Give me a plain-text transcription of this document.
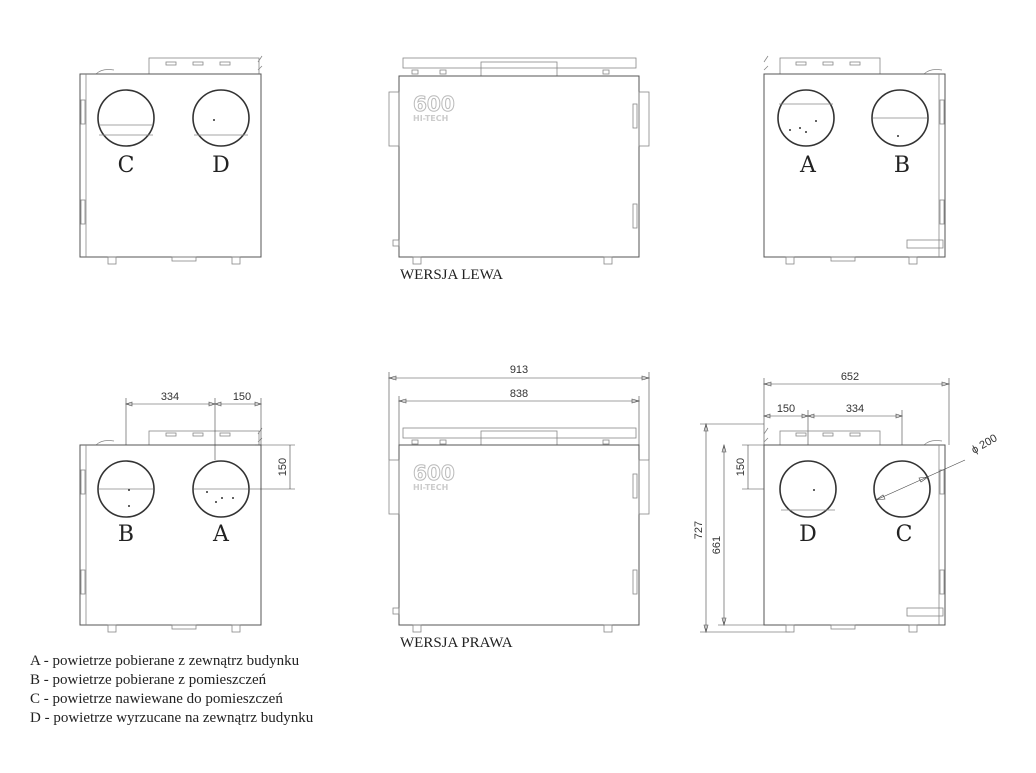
C	D
600
HI-TECH
WERSJA LEWA
A	B
334	150
150
B	A
913
838
600
HI-TECH
WERSJA PRAWA
652
150	334
150
727
661
ϕ 200
D	C
A - powietrze pobierane z zewnątrz budynku
B - powietrze pobierane z pomieszczeń
C - powietrze nawiewane do pomieszczeń
D - powietrze wyrzucane na zewnątrz budynku
